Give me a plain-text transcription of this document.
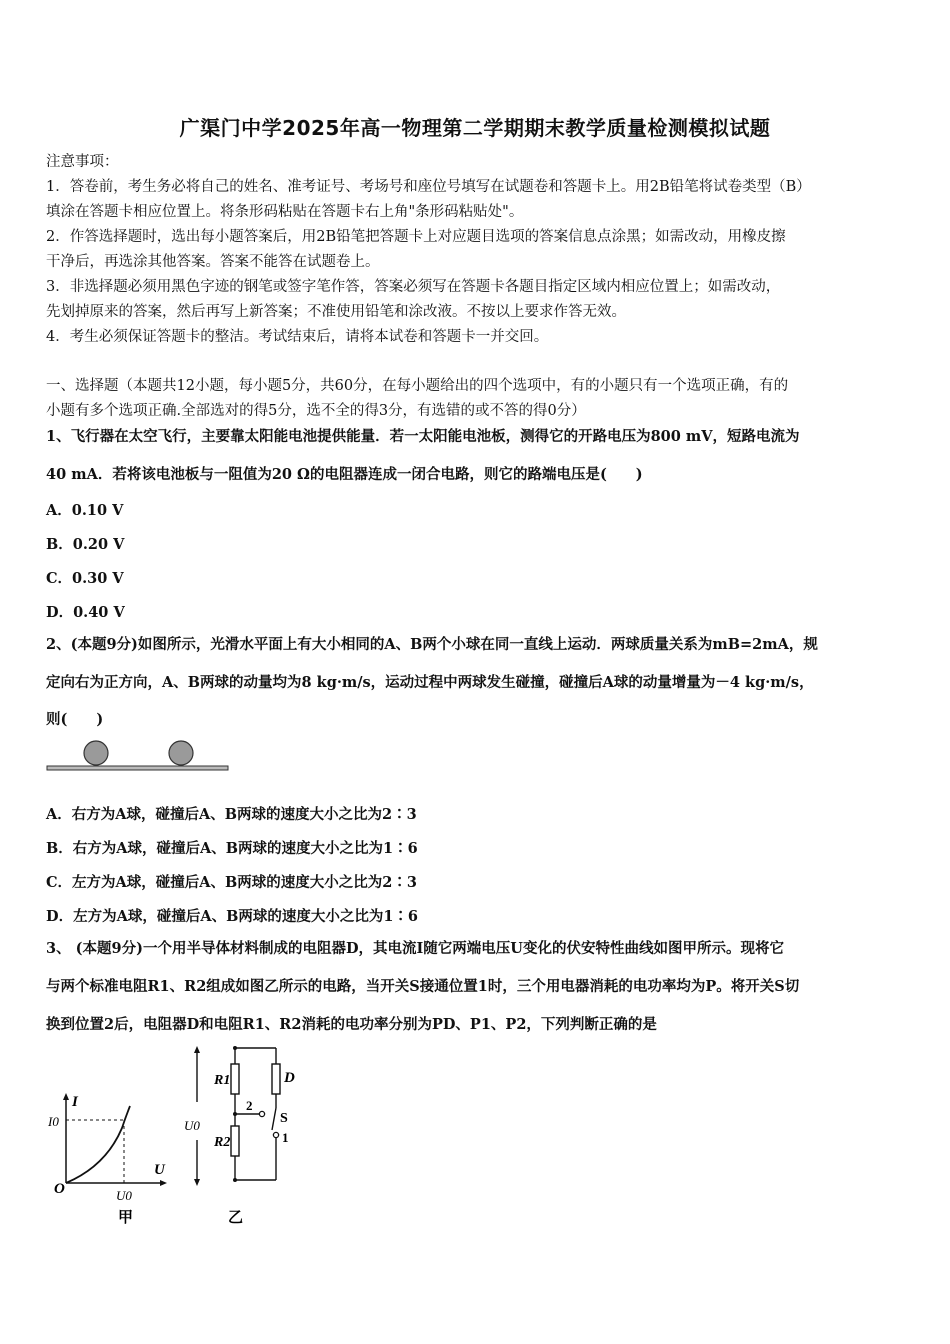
广渠门中学2025年高一物理第二学期期末教学质量检测模拟试题
注意事项：
1．答卷前，考生务必将自己的姓名、准考证号、考场号和座位号填写在试题卷和答题卡上。用2B铅笔将试卷类型（B）
填涂在答题卡相应位置上。将条形码粘贴在答题卡右上角"条形码粘贴处"。
2．作答选择题时，选出每小题答案后，用2B铅笔把答题卡上对应题目选项的答案信息点涂黑；如需改动，用橡皮擦
干净后，再选涂其他答案。答案不能答在试题卷上。
3．非选择题必须用黑色字迹的钢笔或签字笔作答，答案必须写在答题卡各题目指定区域内相应位置上；如需改动，
先划掉原来的答案，然后再写上新答案；不准使用铅笔和涂改液。不按以上要求作答无效。
4．考生必须保证答题卡的整洁。考试结束后，请将本试卷和答题卡一并交回。
一、选择题（本题共12小题，每小题5分，共60分，在每小题给出的四个选项中，有的小题只有一个选项正确，有的
小题有多个选项正确.全部选对的得5分，选不全的得3分，有选错的或不答的得0分）
1、飞行器在太空飞行，主要靠太阳能电池提供能量．若一太阳能电池板，测得它的开路电压为800 mV，短路电流为
40 mA．若将该电池板与一阻值为20 Ω的电阻器连成一闭合电路，则它的路端电压是(　　)
A．0.10 V
B．0.20 V
C．0.30 V
D．0.40 V
2、(本题9分)如图所示，光滑水平面上有大小相同的A、B两个小球在同一直线上运动．两球质量关系为mB=2mA，规
定向右为正方向，A、B两球的动量均为8 kg·m/s，运动过程中两球发生碰撞，碰撞后A球的动量增量为－4 kg·m/s，
则(　　)
A．右方为A球，碰撞后A、B两球的速度大小之比为2∶3
B．右方为A球，碰撞后A、B两球的速度大小之比为1∶6
C．左方为A球，碰撞后A、B两球的速度大小之比为2∶3
D．左方为A球，碰撞后A、B两球的速度大小之比为1∶6
3、 (本题9分)一个用半导体材料制成的电阻器D，其电流I随它两端电压U变化的伏安特性曲线如图甲所示。现将它
与两个标准电阻R1、R2组成如图乙所示的电路，当开关S接通位置1时，三个用电器消耗的电功率均为P。将开关S切
换到位置2后，电阻器D和电阻R1、R2消耗的电功率分别为PD、P1、P2，下列判断正确的是
I
U
O
I0
U0
甲
U0
R1
R2
D
S
2
1
乙
